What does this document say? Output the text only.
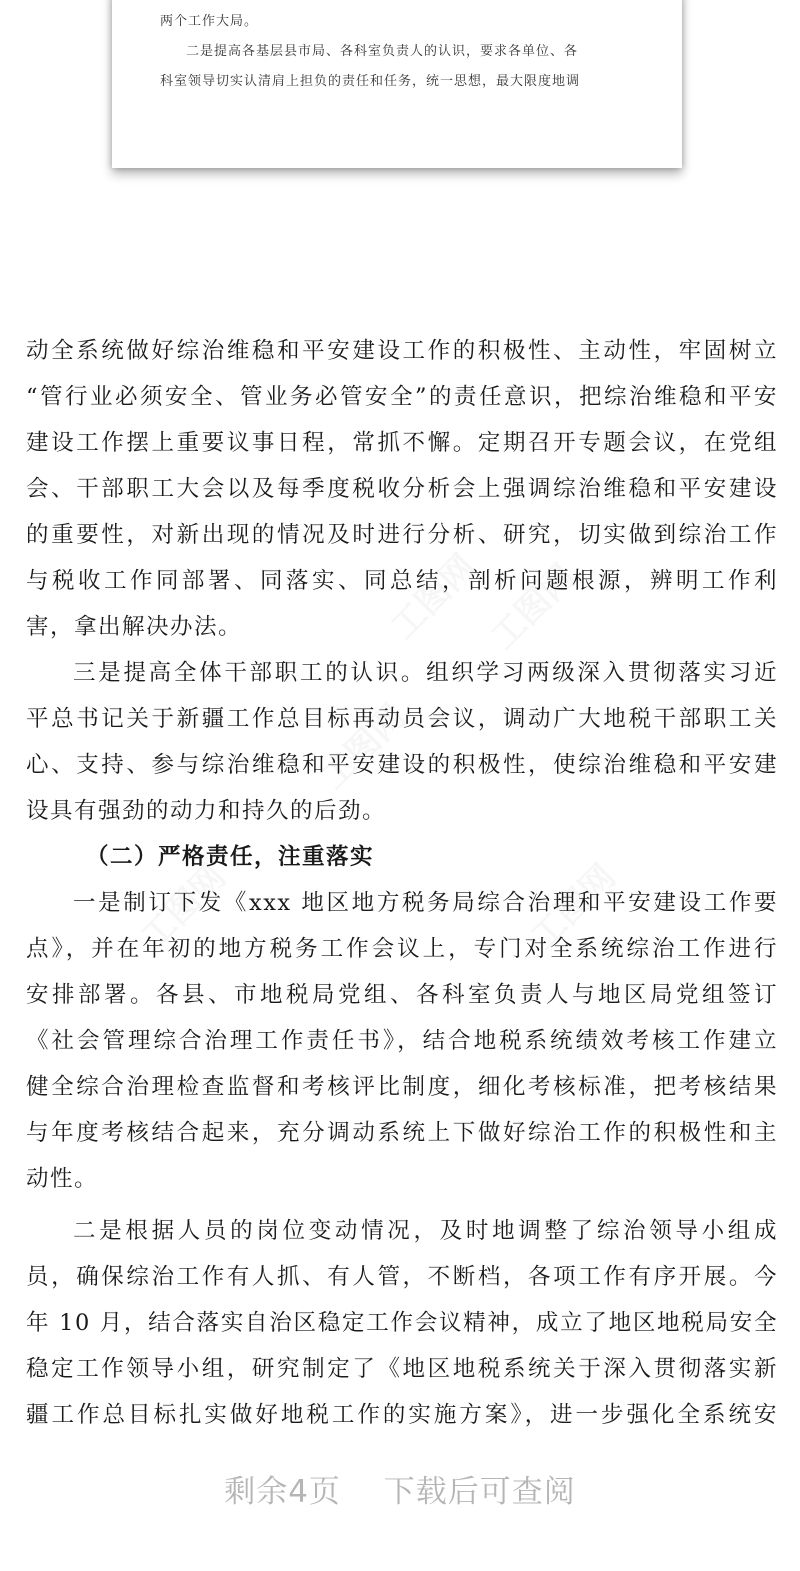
两个工作大局。
二是提高各基层县市局、各科室负责人的认识，要求各单位、各
科室领导切实认清肩上担负的责任和任务，统一思想，最大限度地调
工图网 工图网
工图网
工图网	工图网
动全系统做好综治维稳和平安建设工作的积极性、主动性，牢固树立
“管行业必须安全、管业务必管安全”的责任意识，把综治维稳和平安
建设工作摆上重要议事日程，常抓不懈。定期召开专题会议，在党组
会、干部职工大会以及每季度税收分析会上强调综治维稳和平安建设
的重要性，对新出现的情况及时进行分析、研究，切实做到综治工作
与税收工作同部署、同落实、同总结，剖析问题根源，辨明工作利
害，拿出解决办法。
三是提高全体干部职工的认识。组织学习两级深入贯彻落实习近
平总书记关于新疆工作总目标再动员会议，调动广大地税干部职工关
心、支持、参与综治维稳和平安建设的积极性，使综治维稳和平安建
设具有强劲的动力和持久的后劲。
（二）严格责任，注重落实
一是制订下发《xxx 地区地方税务局综合治理和平安建设工作要
点》，并在年初的地方税务工作会议上，专门对全系统综治工作进行
安排部署。各县、市地税局党组、各科室负责人与地区局党组签订
《社会管理综合治理工作责任书》，结合地税系统绩效考核工作建立
健全综合治理检查监督和考核评比制度，细化考核标准，把考核结果
与年度考核结合起来，充分调动系统上下做好综治工作的积极性和主
动性。
二是根据人员的岗位变动情况，及时地调整了综治领导小组成
员，确保综治工作有人抓、有人管，不断档，各项工作有序开展。今
年 10 月，结合落实自治区稳定工作会议精神，成立了地区地税局安全
稳定工作领导小组，研究制定了《地区地税系统关于深入贯彻落实新
疆工作总目标扎实做好地税工作的实施方案》，进一步强化全系统安
剩余4页 下载后可查阅
